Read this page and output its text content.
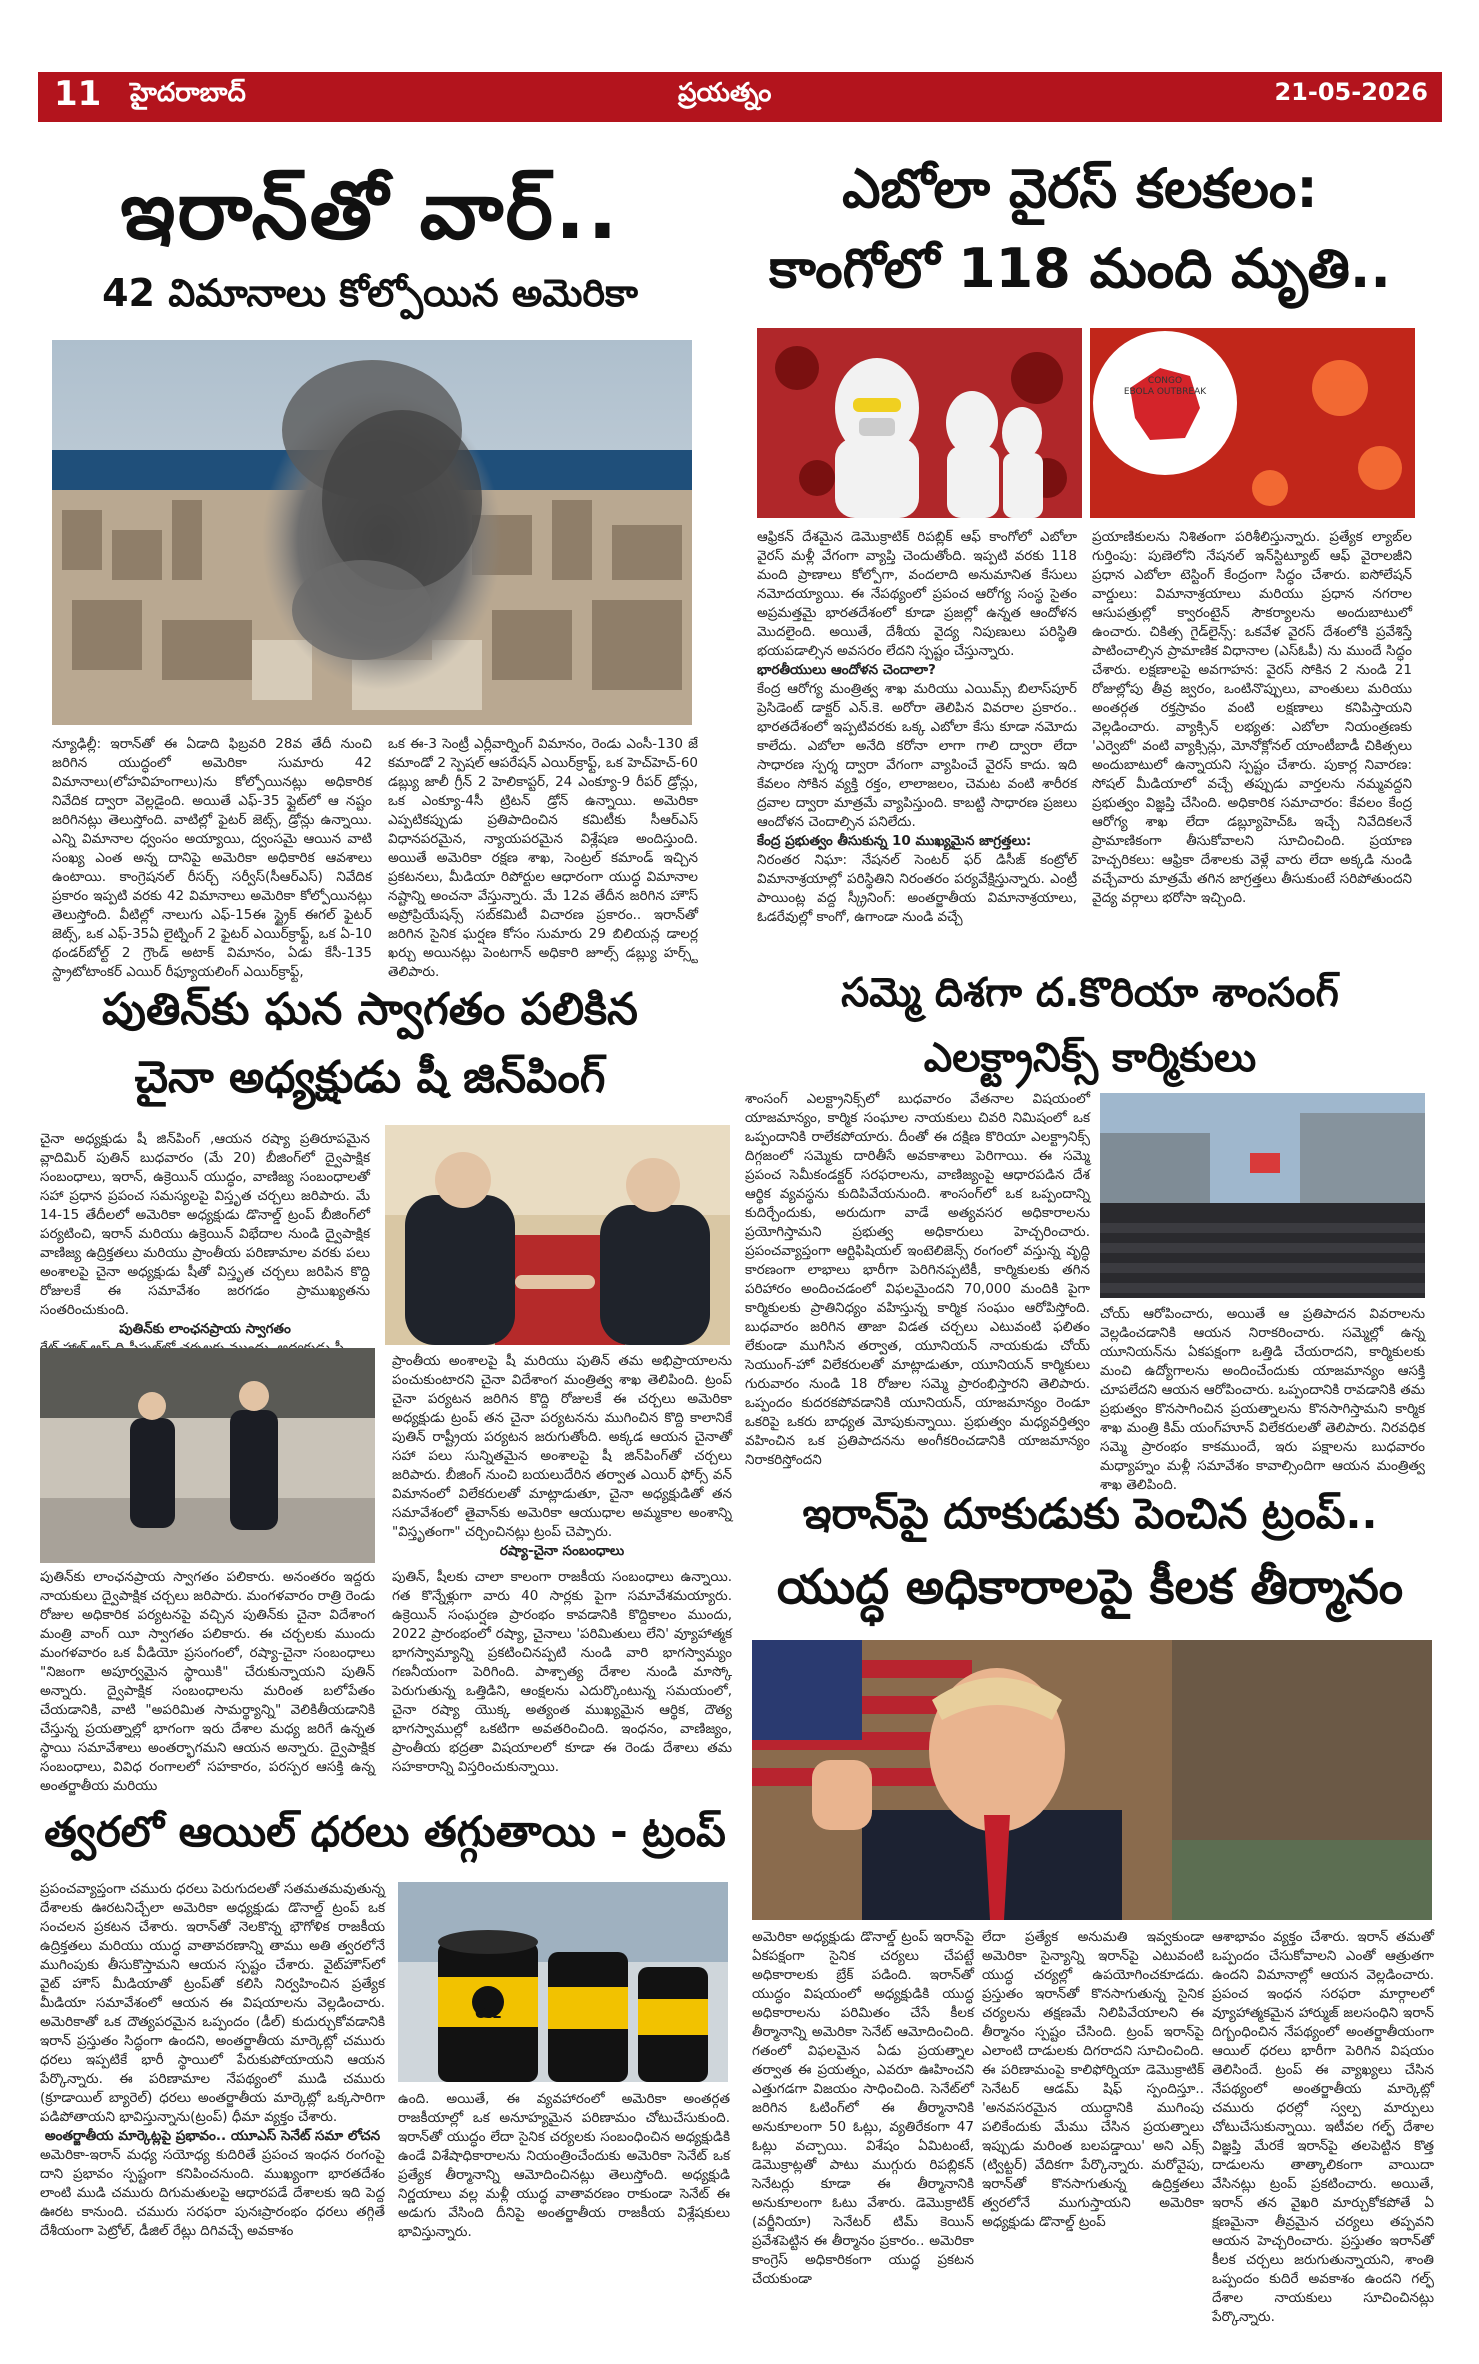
11 హైదరాబాద్	ప్రయత్నం	21-05-2026
ఇరాన్‌తో వార్..
42 విమానాలు కోల్పోయిన అమెరికా
న్యూఢిల్లీ: ఇరాన్‌తో ఈ ఏడాది ఫిబ్రవరి 28వ తేదీ నుంచి జరిగిన యుద్ధంలో అమెరికా సుమారు 42 విమానాలు(లోహవిహంగాలు)ను కోల్పోయినట్లు అధికారిక నివేదిక ద్వారా వెల్లడైంది. అయితే ఎఫ్-35 ఫ్లైట్‌లో ఆ నష్టం జరిగినట్లు తెలుస్తోంది. వాటిల్లో ఫైటర్ జెట్స్, డ్రోన్లు ఉన్నాయి. ఎన్ని విమానాల ధ్వంసం అయ్యాయి, ద్వంసమై ఆయిన వాటి సంఖ్య ఎంత అన్న దానిపై అమెరికా అధికారిక ఆవశాలు ఉంటాయి. కాంగ్రెషనల్ రీసర్చ్ సర్వీస్(సీఆర్ఎస్) నివేదిక ప్రకారం ఇప్పటి వరకు 42 విమానాలు అమెరికా కోల్పోయినట్లు తెలుస్తోంది. వీటిల్లో నాలుగు ఎఫ్-15ఈ స్ట్రైక్ ఈగల్ ఫైటర్ జెట్స్, ఒక ఎఫ్-35ఏ లైట్నింగ్ 2 ఫైటర్ ఎయిర్‌క్రాఫ్ట్, ఒక ఏ-10 థండర్‌బోల్ట్ 2 గ్రౌండ్ అటాక్ విమానం, ఏడు కేసీ-135 స్ట్రాటోటాంకర్ ఎయిర్ రీఫ్యూయలింగ్ ఎయిర్‌క్రాఫ్ట్,
ఒక ఈ-3 సెంట్రీ ఎర్లీవార్నింగ్ విమానం, రెండు ఎంసీ-130 జే కమాండో 2 స్పెషల్ ఆపరేషన్ ఎయిర్‌క్రాఫ్ట్, ఒక హెచ్‌హెచ్-60 డబ్ల్యు జాలీ గ్రీన్ 2 హెలికాప్టర్, 24 ఎంక్యూ-9 రీపర్ డ్రోన్లు, ఒక ఎంక్యూ-4సీ ట్రిటన్ డ్రోన్ ఉన్నాయి. అమెరికా ఎప్పటికప్పుడు ప్రతిపాదించిన కమిటీకు సీఆర్ఎస్ విధానపరమైన, న్యాయపరమైన విశ్లేషణ అందిస్తుంది. అయితే అమెరికా రక్షణ శాఖ, సెంట్రల్ కమాండ్ ఇచ్చిన ప్రకటనలు, మీడియా రిపోర్టుల ఆధారంగా యుద్ధ విమానాల నష్టాన్ని అంచనా వేస్తున్నారు. మే 12వ తేదీన జరిగిన హౌస్ అప్రోప్రియేషన్స్ సబ్‌కమిటీ విచారణ ప్రకారం.. ఇరాన్‌తో జరిగిన సైనిక ఘర్షణ కోసం సుమారు 29 బిలియన్ల డాలర్ల ఖర్చు అయినట్లు పెంటగాన్ అధికారి జూల్స్ డబ్ల్యు హర్స్ట్ తెలిపారు.
ఎబోలా వైరస్ కలకలం:
కాంగోలో 118 మంది మృతి..
CONGO
EBOLA OUTBREAK
ఆఫ్రికన్ దేశమైన డెమొక్రాటిక్ రిపబ్లిక్ ఆఫ్ కాంగోలో ఎబోలా వైరస్ మళ్లీ వేగంగా వ్యాప్తి చెందుతోంది. ఇప్పటి వరకు 118 మంది ప్రాణాలు కోల్పోగా, వందలాది అనుమానిత కేసులు నమోదయ్యాయి. ఈ నేపథ్యంలో ప్రపంచ ఆరోగ్య సంస్థ సైతం అప్రమత్తమై భారతదేశంలో కూడా ప్రజల్లో ఉన్నత ఆందోళన మొదలైంది. అయితే, దేశీయ వైద్య నిపుణులు పరిస్థితి భయపడాల్సిన అవసరం లేదని స్పష్టం చేస్తున్నారు.
భారతీయులు ఆందోళన చెందాలా?
కేంద్ర ఆరోగ్య మంత్రిత్వ శాఖ మరియు ఎయిమ్స్ బిలాస్‌పూర్ ప్రెసిడెంట్ డాక్టర్ ఎన్.కె. అరోరా తెలిపిన వివరాల ప్రకారం.. భారతదేశంలో ఇప్పటివరకు ఒక్క ఎబోలా కేసు కూడా నమోదు కాలేదు. ఎబోలా అనేది కరోనా లాగా గాలి ద్వారా లేదా సాధారణ స్పర్శ ద్వారా వేగంగా వ్యాపించే వైరస్ కాదు. ఇది కేవలం సోకిన వ్యక్తి రక్తం, లాలాజలం, చెమట వంటి శారీరక ద్రవాల ద్వారా మాత్రమే వ్యాపిస్తుంది. కాబట్టి సాధారణ ప్రజలు ఆందోళన చెందాల్సిన పనిలేదు.
కేంద్ర ప్రభుత్వం తీసుకున్న 10 ముఖ్యమైన జాగ్రత్తలు:
నిరంతర నిఘా: నేషనల్ సెంటర్ ఫర్ డిసీజ్ కంట్రోల్ విమానాశ్రయాల్లో పరిస్థితిని నిరంతరం పర్యవేక్షిస్తున్నారు. ఎంట్రీ పాయింట్ల వద్ద స్క్రీనింగ్: అంతర్జాతీయ విమానాశ్రయాలు, ఓడరేవుల్లో కాంగో, ఉగాండా నుండి వచ్చే
ప్రయాణికులను నిశితంగా పరిశీలిస్తున్నారు. ప్రత్యేక ల్యాబ్‌ల గుర్తింపు: పుణెలోని నేషనల్ ఇన్‌స్టిట్యూట్ ఆఫ్ వైరాలజీని ప్రధాన ఎబోలా టెస్టింగ్ కేంద్రంగా సిద్ధం చేశారు. ఐసోలేషన్ వార్డులు: విమానాశ్రయాలు మరియు ప్రధాన నగరాల ఆసుపత్రుల్లో క్వారంటైన్ సౌకర్యాలను అందుబాటులో ఉంచారు. చికిత్స గైడ్‌లైన్స్: ఒకవేళ వైరస్ దేశంలోకి ప్రవేశిస్తే పాటించాల్సిన ప్రామాణిక విధానాల (ఎస్ఓపీ) ను ముందే సిద్ధం చేశారు. లక్షణాలపై అవగాహన: వైరస్ సోకిన 2 నుండి 21 రోజుల్లోపు తీవ్ర జ్వరం, ఒంటినొప్పులు, వాంతులు మరియు అంతర్గత రక్తస్రావం వంటి లక్షణాలు కనిపిస్తాయని వెల్లడించారు. వ్యాక్సిన్ లభ్యత: ఎబోలా నియంత్రణకు 'ఎర్వెబో' వంటి వ్యాక్సిన్లు, మోనోక్లోనల్ యాంటీబాడీ చికిత్సలు అందుబాటులో ఉన్నాయని స్పష్టం చేశారు. పుకార్ల నివారణ: సోషల్ మీడియాలో వచ్చే తప్పుడు వార్తలను నమ్మవద్దని ప్రభుత్వం విజ్ఞప్తి చేసింది. అధికారిక సమాచారం: కేవలం కేంద్ర ఆరోగ్య శాఖ లేదా డబ్ల్యూహెచ్ఓ ఇచ్చే నివేదికలనే ప్రామాణికంగా తీసుకోవాలని సూచించింది. ప్రయాణ హెచ్చరికలు: ఆఫ్రికా దేశాలకు వెళ్లే వారు లేదా అక్కడి నుండి వచ్చేవారు మాత్రమే తగిన జాగ్రత్తలు తీసుకుంటే సరిపోతుందని వైద్య వర్గాలు భరోసా ఇచ్చింది.
పుతిన్‌కు ఘన స్వాగతం పలికిన
చైనా అధ్యక్షుడు షీ జిన్‌పింగ్
చైనా అధ్యక్షుడు షీ జిన్‌పింగ్ ,ఆయన రష్యా ప్రతిరూపమైన వ్లాదిమిర్ పుతిన్ బుధవారం (మే 20) బీజింగ్‌లో ద్వైపాక్షిక సంబంధాలు, ఇరాన్, ఉక్రెయిన్ యుద్ధం, వాణిజ్య సంబంధాలతో సహా ప్రధాన ప్రపంచ సమస్యలపై విస్తృత చర్చలు జరిపారు. మే 14-15 తేదీలలో అమెరికా అధ్యక్షుడు డొనాల్డ్ ట్రంప్ బీజింగ్‌లో పర్యటించి, ఇరాన్ మరియు ఉక్రెయిన్ విభేదాల నుండి ద్వైపాక్షిక వాణిజ్య ఉద్రిక్తతలు మరియు ప్రాంతీయ పరిణామాల వరకు పలు అంశాలపై చైనా అధ్యక్షుడు షీతో విస్తృత చర్చలు జరిపిన కొద్ది రోజులకే ఈ సమావేశం జరగడం ప్రాముఖ్యతను సంతరించుకుంది.

పుతిన్‌కు లాంఛనప్రాయ స్వాగతం
ప్రాంతీయ అంశాలపై షీ మరియు పుతిన్ తమ అభిప్రాయాలను పంచుకుంటారని చైనా విదేశాంగ మంత్రిత్వ శాఖ తెలిపింది. ట్రంప్ చైనా పర్యటన జరిగిన కొద్ది రోజులకే ఈ చర్చలు అమెరికా అధ్యక్షుడు ట్రంప్ తన చైనా పర్యటనను ముగించిన కొద్ది కాలానికే పుతిన్ రాష్ట్రీయ పర్యటన జరుగుతోంది. అక్కడ ఆయన చైనాతో సహా పలు సున్నితమైన అంశాలపై షీ జిన్‌పింగ్‌తో చర్చలు జరిపారు. బీజింగ్ నుంచి బయలుదేరిన తర్వాత ఎయిర్ ఫోర్స్ వన్ విమానంలో విలేకరులతో మాట్లాడుతూ, చైనా అధ్యక్షుడితో తన సమావేశంలో తైవాన్‌కు అమెరికా ఆయుధాల అమ్మకాల అంశాన్ని "విస్తృతంగా" చర్చించినట్లు ట్రంప్ చెప్పారు.

రష్యా-చైనా సంబంధాలు
పుతిన్‌కు లాంఛనప్రాయ స్వాగతం పలికారు. అనంతరం ఇద్దరు నాయకులు ద్వైపాక్షిక చర్చలు జరిపారు. మంగళవారం రాత్రి రెండు రోజుల అధికారిక పర్యటనపై వచ్చిన పుతిన్‌కు చైనా విదేశాంగ మంత్రి వాంగ్ యీ స్వాగతం పలికారు. ఈ చర్చలకు ముందు మంగళవారం ఒక వీడియో ప్రసంగంలో, రష్యా-చైనా సంబంధాలు "నిజంగా అపూర్వమైన స్థాయికి" చేరుకున్నాయని పుతిన్ అన్నారు. ద్వైపాక్షిక సంబంధాలను మరింత బలోపేతం చేయడానికి, వాటి "అపరిమిత సామర్థ్యాన్ని" వెలికితీయడానికి చేస్తున్న ప్రయత్నాల్లో భాగంగా ఇరు దేశాల మధ్య జరిగే ఉన్నత స్థాయి సమావేశాలు అంతర్భాగమని ఆయన అన్నారు. ద్వైపాక్షిక సంబంధాలు, వివిధ రంగాలలో సహకారం, పరస్పర ఆసక్తి ఉన్న అంతర్జాతీయ మరియు
పుతిన్, షీలకు చాలా కాలంగా రాజకీయ సంబంధాలు ఉన్నాయి. గత కొన్నేళ్లుగా వారు 40 సార్లకు పైగా సమావేశమయ్యారు. ఉక్రెయిన్ సంఘర్షణ ప్రారంభం కావడానికి కొద్దికాలం ముందు, 2022 ప్రారంభంలో రష్యా, చైనాలు 'పరిమితులు లేని' వ్యూహాత్మక భాగస్వామ్యాన్ని ప్రకటించినప్పటి నుండి వారి భాగస్వామ్యం గణనీయంగా పెరిగింది. పాశ్చాత్య దేశాల నుండి మాస్కో పెరుగుతున్న ఒత్తిడిని, ఆంక్షలను ఎదుర్కొంటున్న సమయంలో, చైనా రష్యా యొక్క అత్యంత ముఖ్యమైన ఆర్థిక, దౌత్య భాగస్వాముల్లో ఒకటిగా అవతరించింది. ఇంధనం, వాణిజ్యం, ప్రాంతీయ భద్రతా విషయాలలో కూడా ఈ రెండు దేశాలు తమ సహకారాన్ని విస్తరించుకున్నాయి.
సమ్మె దిశగా ద.కొరియా శాంసంగ్
ఎలక్ట్రానిక్స్ కార్మికులు
శాంసంగ్ ఎలక్ట్రానిక్స్‌లో బుధవారం వేతనాల విషయంలో యాజమాన్యం, కార్మిక సంఘాల నాయకులు చివరి నిమిషంలో ఒక ఒప్పందానికి రాలేకపోయారు. దీంతో ఈ దక్షిణ కొరియా ఎలక్ట్రానిక్స్ దిగ్గజంలో సమ్మెకు దారితీసే అవకాశాలు పెరిగాయి. ఈ సమ్మె ప్రపంచ సెమీకండక్టర్ సరఫరాలను, వాణిజ్యంపై ఆధారపడిన దేశ ఆర్థిక వ్యవస్థను కుదిపివేయనుంది. శాంసంగ్‌లో ఒక ఒప్పందాన్ని కుదిర్చేందుకు, అరుదుగా వాడే అత్యవసర అధికారాలను ప్రయోగిస్తామని ప్రభుత్వ అధికారులు హెచ్చరించారు. ప్రపంచవ్యాప్తంగా ఆర్టిఫిషియల్ ఇంటెలిజెన్స్ రంగంలో వస్తున్న వృద్ధి కారణంగా లాభాలు భారీగా పెరిగినప్పటికీ, కార్మికులకు తగిన పరిహారం అందించడంలో విఫలమైందని 70,000 మందికి పైగా కార్మికులకు ప్రాతినిధ్యం వహిస్తున్న కార్మిక సంఘం ఆరోపిస్తోంది. బుధవారం జరిగిన తాజా విడత చర్చలు ఎటువంటి ఫలితం లేకుండా ముగిసిన తర్వాత, యూనియన్ నాయకుడు చోయ్ సెయుంగ్-హో విలేకరులతో మాట్లాడుతూ, యూనియన్ కార్మికులు గురువారం నుండి 18 రోజుల సమ్మె ప్రారంభిస్తారని తెలిపారు. ఒప్పందం కుదరకపోవడానికి యూనియన్, యాజమాన్యం రెండూ ఒకరిపై ఒకరు బాధ్యత మోపుకున్నాయి. ప్రభుత్వం మధ్యవర్తిత్వం వహించిన ఒక ప్రతిపాదనను అంగీకరించడానికి యాజమాన్యం నిరాకరిస్తోందని
చోయ్ ఆరోపించారు, అయితే ఆ ప్రతిపాదన వివరాలను వెల్లడించడానికి ఆయన నిరాకరించారు. సమ్మెల్లో ఉన్న యూనియన్‌ను ఏకపక్షంగా ఒత్తిడి చేయరాదని, కార్మికులకు మంచి ఉద్యోగాలను అందించేందుకు యాజమాన్యం ఆసక్తి చూపలేదని ఆయన ఆరోపించారు. ఒప్పందానికి రావడానికి తమ ప్రభుత్వం కొనసాగించిన ప్రయత్నాలను కొనసాగిస్తామని కార్మిక శాఖ మంత్రి కిమ్ యంగ్‌హూన్ విలేకరులతో తెలిపారు. నిరవధిక సమ్మె ప్రారంభం కాకముందే, ఇరు పక్షాలను బుధవారం మధ్యాహ్నం మళ్లీ సమావేశం కావాల్సిందిగా ఆయన మంత్రిత్వ శాఖ తెలిపింది.
ఇరాన్‌పై దూకుడుకు పెంచిన ట్రంప్..
యుద్ధ అధికారాలపై కీలక తీర్మానం
అమెరికా అధ్యక్షుడు డొనాల్డ్ ట్రంప్ ఇరాన్‌పై ఏకపక్షంగా సైనిక చర్యలు చేపట్టే అధికారాలకు బ్రేక్ పడింది. ఇరాన్‌తో యుద్ధం విషయంలో అధ్యక్షుడికి యుద్ధ అధికారాలను పరిమితం చేసే కీలక తీర్మానాన్ని అమెరికా సెనేట్ ఆమోదించింది. గతంలో విఫలమైన ఏడు ప్రయత్నాల తర్వాత ఈ ప్రయత్నం, ఎవరూ ఊహించని ఎత్తుగడగా విజయం సాధించింది. సెనేట్‌లో జరిగిన ఓటింగ్‌లో ఈ తీర్మానానికి అనుకూలంగా 50 ఓట్లు, వ్యతిరేకంగా 47 ఓట్లు వచ్చాయి. విశేషం ఏమిటంటే, డెమొక్రాట్లతో పాటు ముగ్గురు రిపబ్లికన్ సెనేటర్లు కూడా ఈ తీర్మానానికి అనుకూలంగా ఓటు వేశారు. డెమొక్రాటిక్ (వర్జీనియా) సెనేటర్ టిమ్ కెయిన్ ప్రవేశపెట్టిన ఈ తీర్మానం ప్రకారం.. అమెరికా కాంగ్రెస్ అధికారికంగా యుద్ధ ప్రకటన చేయకుండా
లేదా ప్రత్యేక అనుమతి ఇవ్వకుండా అమెరికా సైన్యాన్ని ఇరాన్‌పై ఎటువంటి యుద్ధ చర్యల్లో ఉపయోగించకూడదు. ప్రస్తుతం ఇరాన్‌తో కొనసాగుతున్న సైనిక చర్యలను తక్షణమే నిలిపివేయాలని ఈ తీర్మానం స్పష్టం చేసింది. ట్రంప్ ఇరాన్‌పై ఎలాంటి దాడులకు దిగరాదని సూచించింది. ఈ పరిణామంపై కాలిఫోర్నియా డెమొక్రాటిక్ సెనేటర్ ఆడమ్ షిఫ్ స్పందిస్తూ.. 'అనవసరమైన యుద్ధానికి ముగింపు పలికేందుకు మేము చేసిన ప్రయత్నాలు ఇప్పుడు మరింత బలపడ్డాయి' అని ఎక్స్ (ట్విట్టర్) వేదికగా పేర్కొన్నారు. మరోవైపు, ఇరాన్‌తో కొనసాగుతున్న ఉద్రిక్తతలు త్వరలోనే ముగుస్తాయని అమెరికా అధ్యక్షుడు డొనాల్డ్ ట్రంప్
ఆశాభావం వ్యక్తం చేశారు. ఇరాన్ తమతో ఒప్పందం చేసుకోవాలని ఎంతో ఆత్రుతగా ఉందని విమానాల్లో ఆయన వెల్లడించారు. ప్రపంచ ఇంధన సరఫరా మార్గాలలో వ్యూహాత్మకమైన హార్ముజ్ జలసంధిని ఇరాన్ దిగ్బంధించిన నేపథ్యంలో అంతర్జాతీయంగా ఆయిల్ ధరలు భారీగా పెరిగిన విషయం తెలిసిందే. ట్రంప్ ఈ వ్యాఖ్యలు చేసిన నేపథ్యంలో అంతర్జాతీయ మార్కెట్లో చమురు ధరల్లో స్వల్ప మార్పులు చోటుచేసుకున్నాయి. ఇటీవల గల్ఫ్ దేశాల విజ్ఞప్తి మేరకే ఇరాన్‌పై తలపెట్టిన కొత్త దాడులను తాత్కాలికంగా వాయిదా వేసినట్లు ట్రంప్ ప్రకటించారు. అయితే, ఇరాన్ తన వైఖరి మార్చుకోకపోతే ఏ క్షణమైనా తీవ్రమైన చర్యలు తప్పవని ఆయన హెచ్చరించారు. ప్రస్తుతం ఇరాన్‌తో కీలక చర్చలు జరుగుతున్నాయని, శాంతి ఒప్పందం కుదిరే అవకాశం ఉందని గల్ఫ్ దేశాల నాయకులు సూచించినట్లు పేర్కొన్నారు.
త్వరలో ఆయిల్ ధరలు తగ్గుతాయి - ట్రంప్
ప్రపంచవ్యాప్తంగా చమురు ధరలు పెరుగుదలతో సతమతమవుతున్న దేశాలకు ఊరటనిచ్చేలా అమెరికా అధ్యక్షుడు డొనాల్డ్ ట్రంప్ ఒక సంచలన ప్రకటన చేశారు. ఇరాన్‌తో నెలకొన్న భౌగోళిక రాజకీయ ఉద్రిక్తతలు మరియు యుద్ధ వాతావరణాన్ని తాము అతి త్వరలోనే ముగింపుకు తీసుకొస్తామని ఆయన స్పష్టం చేశారు. వైట్‌హౌస్‌లో వైట్ హౌస్ మీడియాతో ట్రంప్‌తో కలిసి నిర్వహించిన ప్రత్యేక మీడియా సమావేశంలో ఆయన ఈ విషయాలను వెల్లడించారు. అమెరికాతో ఒక దౌత్యపరమైన ఒప్పందం (డీల్) కుదుర్చుకోవడానికి ఇరాన్ ప్రస్తుతం సిద్ధంగా ఉందని, అంతర్జాతీయ మార్కెట్లో చమురు ధరలు ఇప్పటికే భారీ స్థాయిలో పేరుకుపోయాయని ఆయన పేర్కొన్నారు. ఈ పరిణామాల నేపథ్యంలో ముడి చమురు (క్రూడాయిల్ బ్యారెల్) ధరలు అంతర్జాతీయ మార్కెట్లో ఒక్కసారిగా పడిపోతాయని భావిస్తున్నాను(ట్రంప్) ధీమా వ్యక్తం చేశారు.

అంతర్జాతీయ మార్కెట్లపై ప్రభావం.. యూఎస్ సెనేట్ సమా లోచన
అమెరికా-ఇరాన్ మధ్య సయోధ్య కుదిరితే ప్రపంచ ఇంధన రంగంపై దాని ప్రభావం స్పష్టంగా కనిపించనుంది. ముఖ్యంగా భారతదేశం లాంటి ముడి చమురు దిగుమతులపై ఆధారపడే దేశాలకు ఇది పెద్ద ఊరట కానుంది. చమురు సరఫరా పునఃప్రారంభం ధరలు తగ్గితే దేశీయంగా పెట్రోల్, డీజిల్ రేట్లు దిగివచ్చే అవకాశం
OIL
ఉంది. అయితే, ఈ వ్యవహారంలో అమెరికా అంతర్గత రాజకీయాల్లో ఒక అనూహ్యమైన పరిణామం చోటుచేసుకుంది. ఇరాన్‌తో యుద్ధం లేదా సైనిక చర్యలకు సంబంధించిన అధ్యక్షుడికి ఉండే విశేషాధికారాలను నియంత్రించేందుకు అమెరికా సెనేట్ ఒక ప్రత్యేక తీర్మానాన్ని ఆమోదించినట్లు తెలుస్తోంది. అధ్యక్షుడి నిర్ణయాలు వల్ల మళ్లీ యుద్ధ వాతావరణం రాకుండా సెనేట్ ఈ అడుగు వేసింది దీనిపై అంతర్జాతీయ రాజకీయ విశ్లేషకులు భావిస్తున్నారు.
